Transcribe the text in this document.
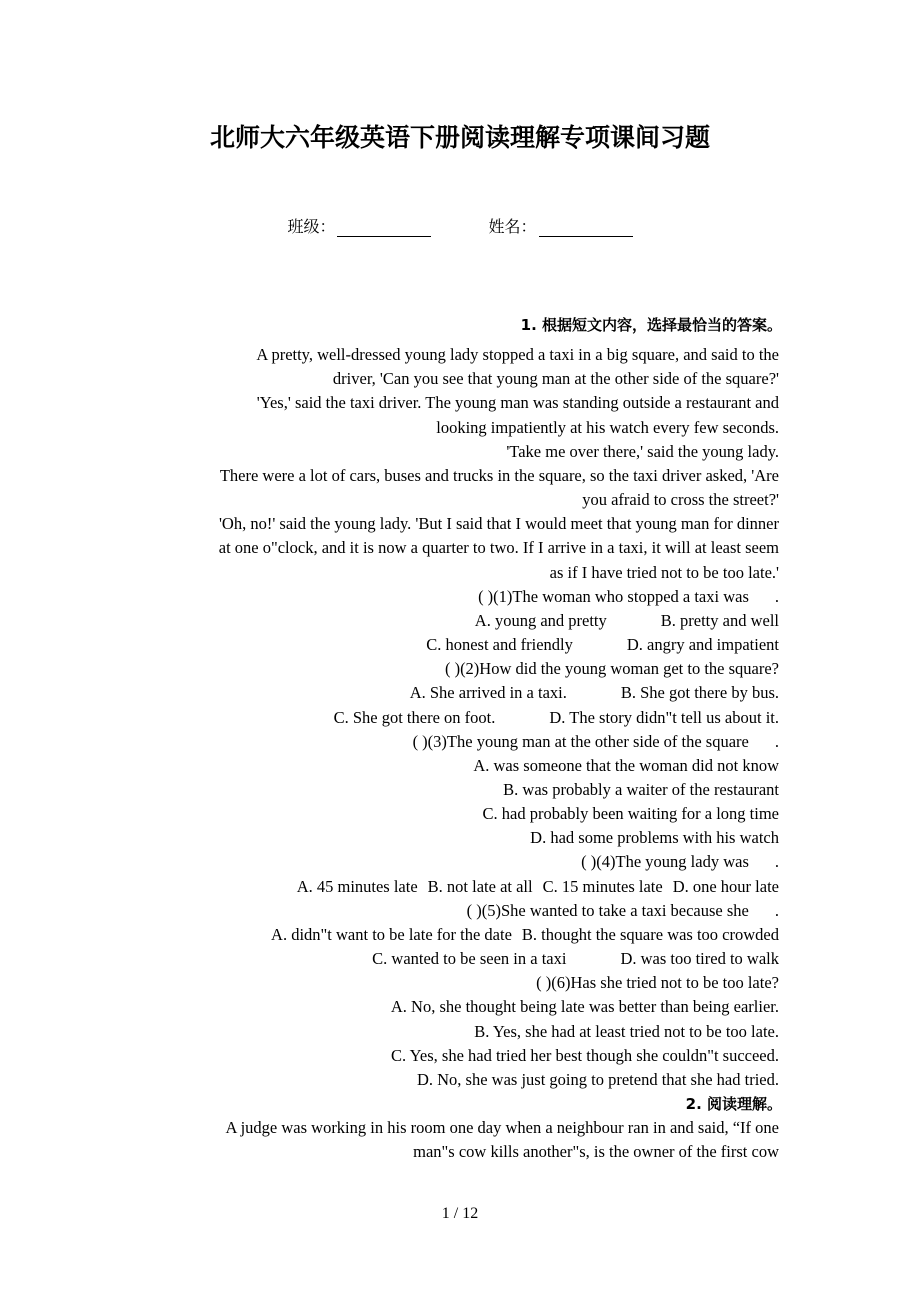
北师大六年级英语下册阅读理解专项课间习题
班级：	姓名：
1. 根据短文内容，选择最恰当的答案。
A pretty, well-dressed young lady stopped a taxi in a big square, and said to the
driver, 'Can you see that young man at the other side of the square?'
'Yes,' said the taxi driver. The young man was standing outside a restaurant and
looking impatiently at his watch every few seconds.
'Take me over there,' said the young lady.
There were a lot of cars, buses and trucks in the square, so the taxi driver asked, 'Are
you afraid to cross the street?'
'Oh, no!' said the young lady. 'But I said that I would meet that young man for dinner
at one o"clock, and it is now a quarter to two. If I arrive in a taxi, it will at least seem
as if I have tried not to be too late.'
( )(1)The woman who stopped a taxi was .
A. young and pretty	B. pretty and well
C. honest and friendly	D. angry and impatient
( )(2)How did the young woman get to the square?
A. She arrived in a taxi.	B. She got there by bus.
C. She got there on foot.	D. The story didn"t tell us about it.
( )(3)The young man at the other side of the square .
A. was someone that the woman did not know
B. was probably a waiter of the restaurant
C. had probably been waiting for a long time
D. had some problems with his watch
( )(4)The young lady was .
A. 45 minutes late B. not late at all C. 15 minutes late D. one hour late
( )(5)She wanted to take a taxi because she .
A. didn"t want to be late for the date B. thought the square was too crowded
C. wanted to be seen in a taxi	D. was too tired to walk
( )(6)Has she tried not to be too late?
A. No, she thought being late was better than being earlier.
B. Yes, she had at least tried not to be too late.
C. Yes, she had tried her best though she couldn"t succeed.
D. No, she was just going to pretend that she had tried.
2. 阅读理解。
A judge was working in his room one day when a neighbour ran in and said, “If one
man"s cow kills another"s, is the owner of the first cow
1 / 12
